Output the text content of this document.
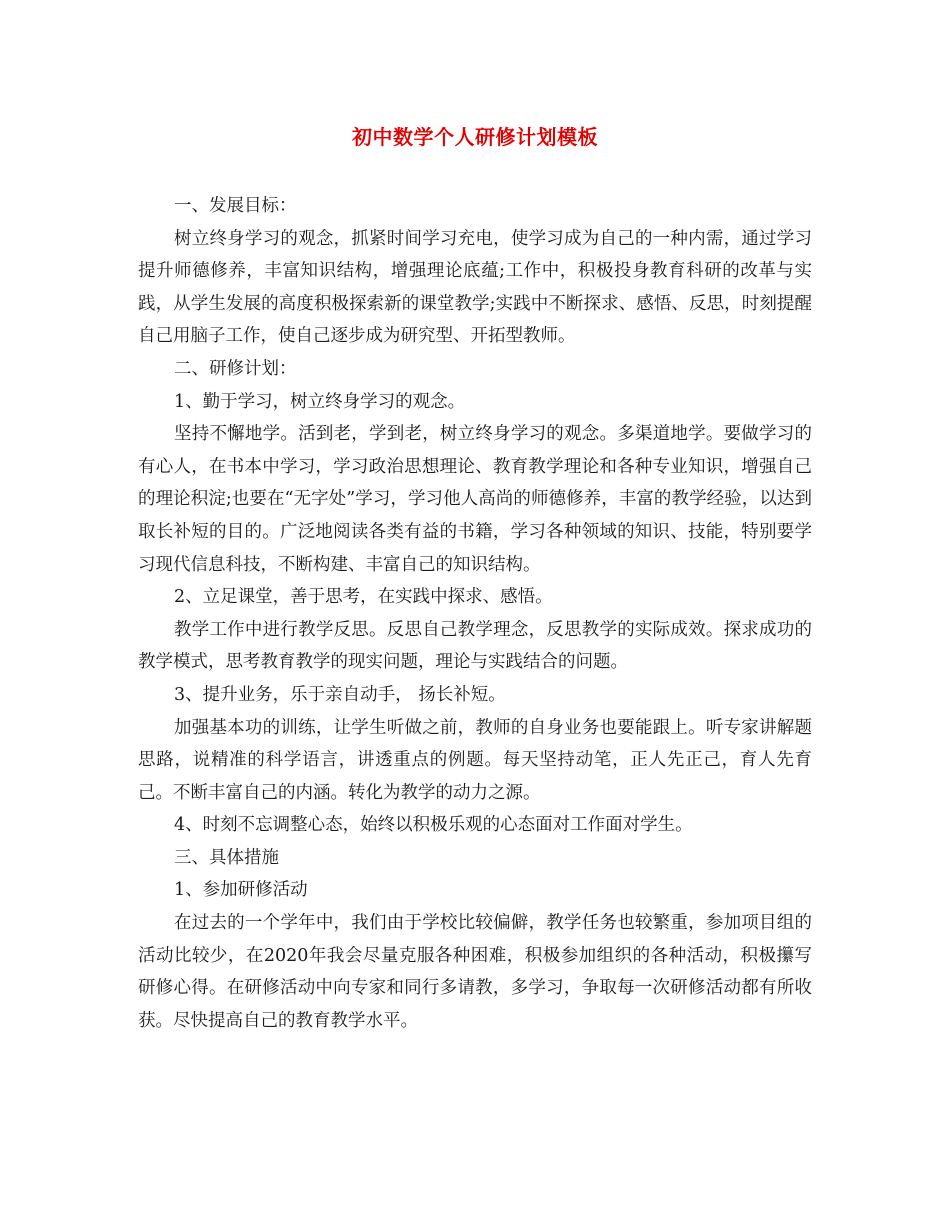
初中数学个人研修计划模板

一、发展目标：

树立终身学习的观念，抓紧时间学习充电，使学习成为自己的一种内需，通过学习提升师德修养，丰富知识结构，增强理论底蕴;工作中，积极投身教育科研的改革与实践，从学生发展的高度积极探索新的课堂教学;实践中不断探求、感悟、反思，时刻提醒自己用脑子工作，使自己逐步成为研究型、开拓型教师。

二、研修计划：

1、勤于学习，树立终身学习的观念。

坚持不懈地学。活到老，学到老，树立终身学习的观念。多渠道地学。要做学习的有心人，在书本中学习，学习政治思想理论、教育教学理论和各种专业知识，增强自己的理论积淀;也要在“无字处”学习，学习他人高尚的师德修养，丰富的教学经验，以达到取长补短的目的。广泛地阅读各类有益的书籍，学习各种领域的知识、技能，特别要学习现代信息科技，不断构建、丰富自己的知识结构。

2、立足课堂，善于思考，在实践中探求、感悟。

教学工作中进行教学反思。反思自己教学理念，反思教学的实际成效。探求成功的教学模式，思考教育教学的现实问题，理论与实践结合的问题。

3、提升业务，乐于亲自动手， 扬长补短。

加强基本功的训练，让学生听做之前，教师的自身业务也要能跟上。听专家讲解题思路，说精准的科学语言，讲透重点的例题。每天坚持动笔，正人先正己，育人先育己。不断丰富自己的内涵。转化为教学的动力之源。

4、时刻不忘调整心态，始终以积极乐观的心态面对工作面对学生。

三、具体措施

1、参加研修活动

在过去的一个学年中，我们由于学校比较偏僻，教学任务也较繁重，参加项目组的活动比较少，在2020年我会尽量克服各种困难，积极参加组织的各种活动，积极攥写研修心得。在研修活动中向专家和同行多请教，多学习，争取每一次研修活动都有所收获。尽快提高自己的教育教学水平。
